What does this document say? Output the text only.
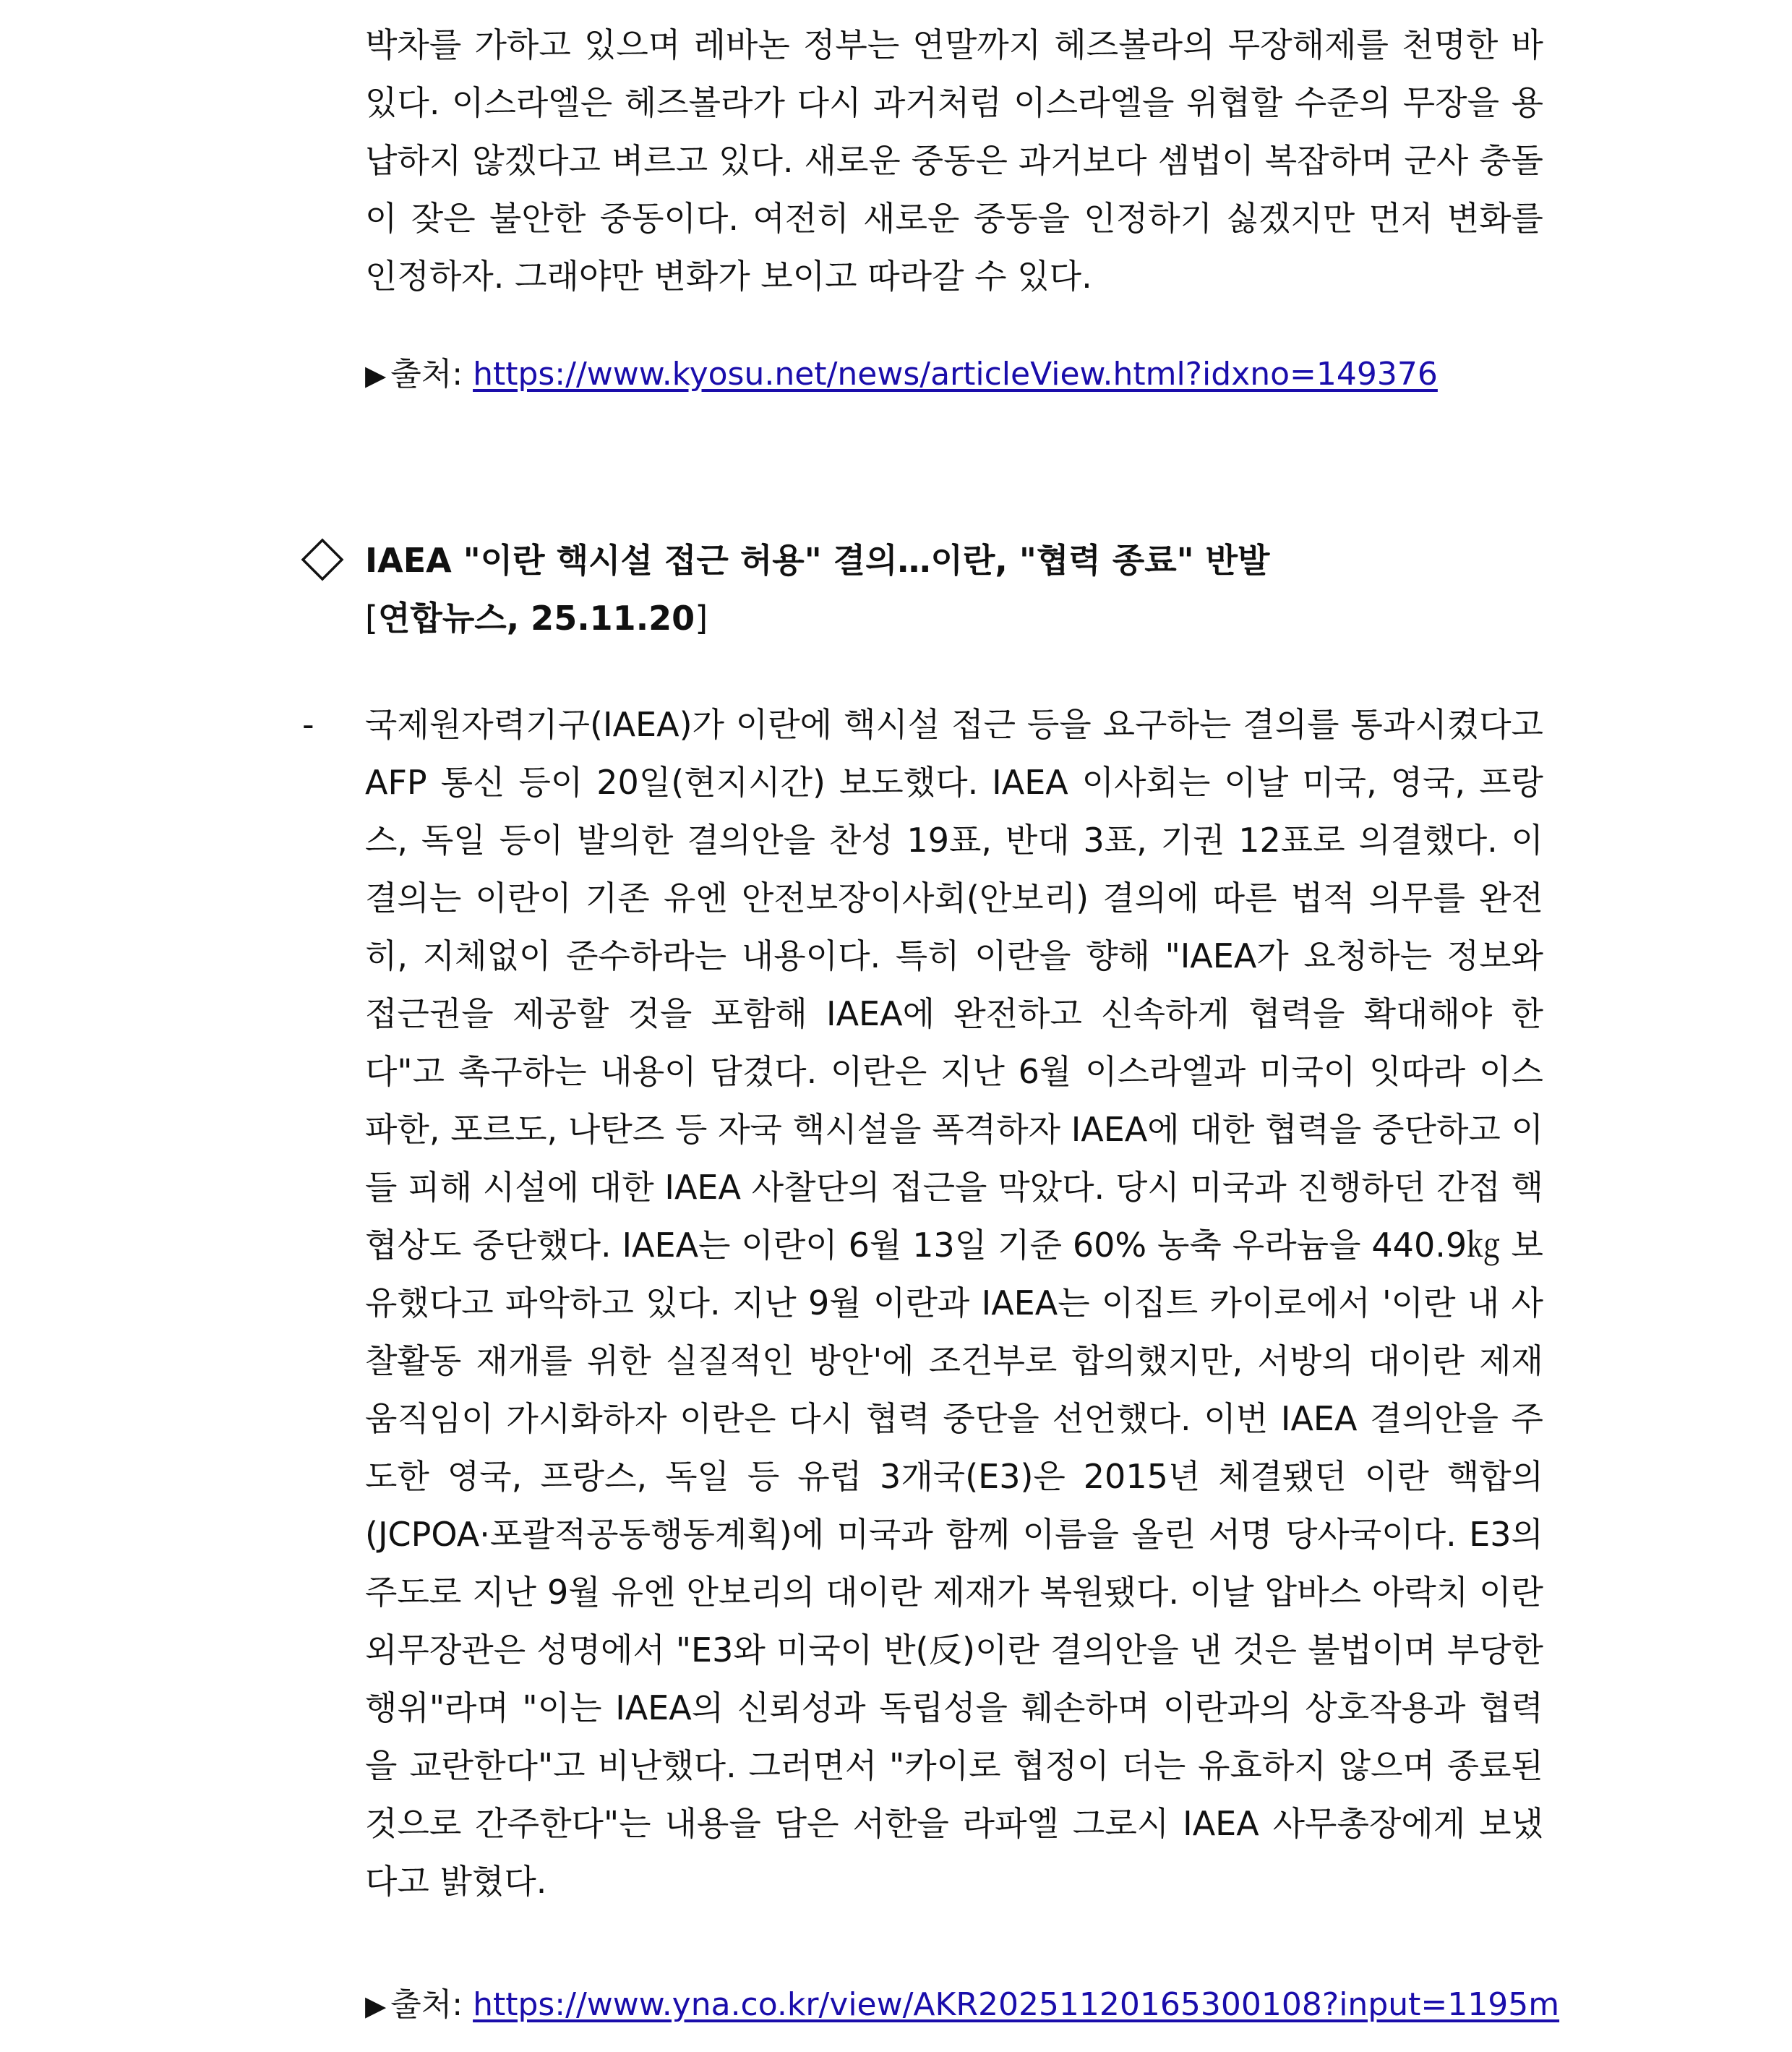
박차를 가하고 있으며 레바논 정부는 연말까지 헤즈볼라의 무장해제를 천명한 바 있다. 이스라엘은 헤즈볼라가 다시 과거처럼 이스라엘을 위협할 수준의 무장을 용납하지 않겠다고 벼르고 있다. 새로운 중동은 과거보다 셈법이 복잡하며 군사 충돌이 잦은 불안한 중동이다. 여전히 새로운 중동을 인정하기 싫겠지만 먼저 변화를 인정하자. 그래야만 변화가 보이고 따라갈 수 있다.

▶ 출처: https://www.kyosu.net/news/articleView.html?idxno=149376
IAEA "이란 핵시설 접근 허용" 결의…이란, "협력 종료" 반발
[연합뉴스, 25.11.20]
- 국제원자력기구(IAEA)가 이란에 핵시설 접근 등을 요구하는 결의를 통과시켰다고 AFP 통신 등이 20일(현지시간) 보도했다. IAEA 이사회는 이날 미국, 영국, 프랑스, 독일 등이 발의한 결의안을 찬성 19표, 반대 3표, 기권 12표로 의결했다. 이 결의는 이란이 기존 유엔 안전보장이사회(안보리) 결의에 따른 법적 의무를 완전히, 지체없이 준수하라는 내용이다. 특히 이란을 향해 "IAEA가 요청하는 정보와 접근권을 제공할 것을 포함해 IAEA에 완전하고 신속하게 협력을 확대해야 한다"고 촉구하는 내용이 담겼다. 이란은 지난 6월 이스라엘과 미국이 잇따라 이스파한, 포르도, 나탄즈 등 자국 핵시설을 폭격하자 IAEA에 대한 협력을 중단하고 이들 피해 시설에 대한 IAEA 사찰단의 접근을 막았다. 당시 미국과 진행하던 간접 핵협상도 중단했다. IAEA는 이란이 6월 13일 기준 60% 농축 우라늄을 440.9㎏ 보유했다고 파악하고 있다. 지난 9월 이란과 IAEA는 이집트 카이로에서 '이란 내 사찰활동 재개를 위한 실질적인 방안'에 조건부로 합의했지만, 서방의 대이란 제재 움직임이 가시화하자 이란은 다시 협력 중단을 선언했다. 이번 IAEA 결의안을 주도한 영국, 프랑스, 독일 등 유럽 3개국(E3)은 2015년 체결됐던 이란 핵합의(JCPOA·포괄적공동행동계획)에 미국과 함께 이름을 올린 서명 당사국이다. E3의 주도로 지난 9월 유엔 안보리의 대이란 제재가 복원됐다. 이날 압바스 아락치 이란 외무장관은 성명에서 "E3와 미국이 반(反)이란 결의안을 낸 것은 불법이며 부당한 행위"라며 "이는 IAEA의 신뢰성과 독립성을 훼손하며 이란과의 상호작용과 협력을 교란한다"고 비난했다. 그러면서 "카이로 협정이 더는 유효하지 않으며 종료된 것으로 간주한다"는 내용을 담은 서한을 라파엘 그로시 IAEA 사무총장에게 보냈다고 밝혔다.

▶ 출처: https://www.yna.co.kr/view/AKR20251120165300108?input=1195m
